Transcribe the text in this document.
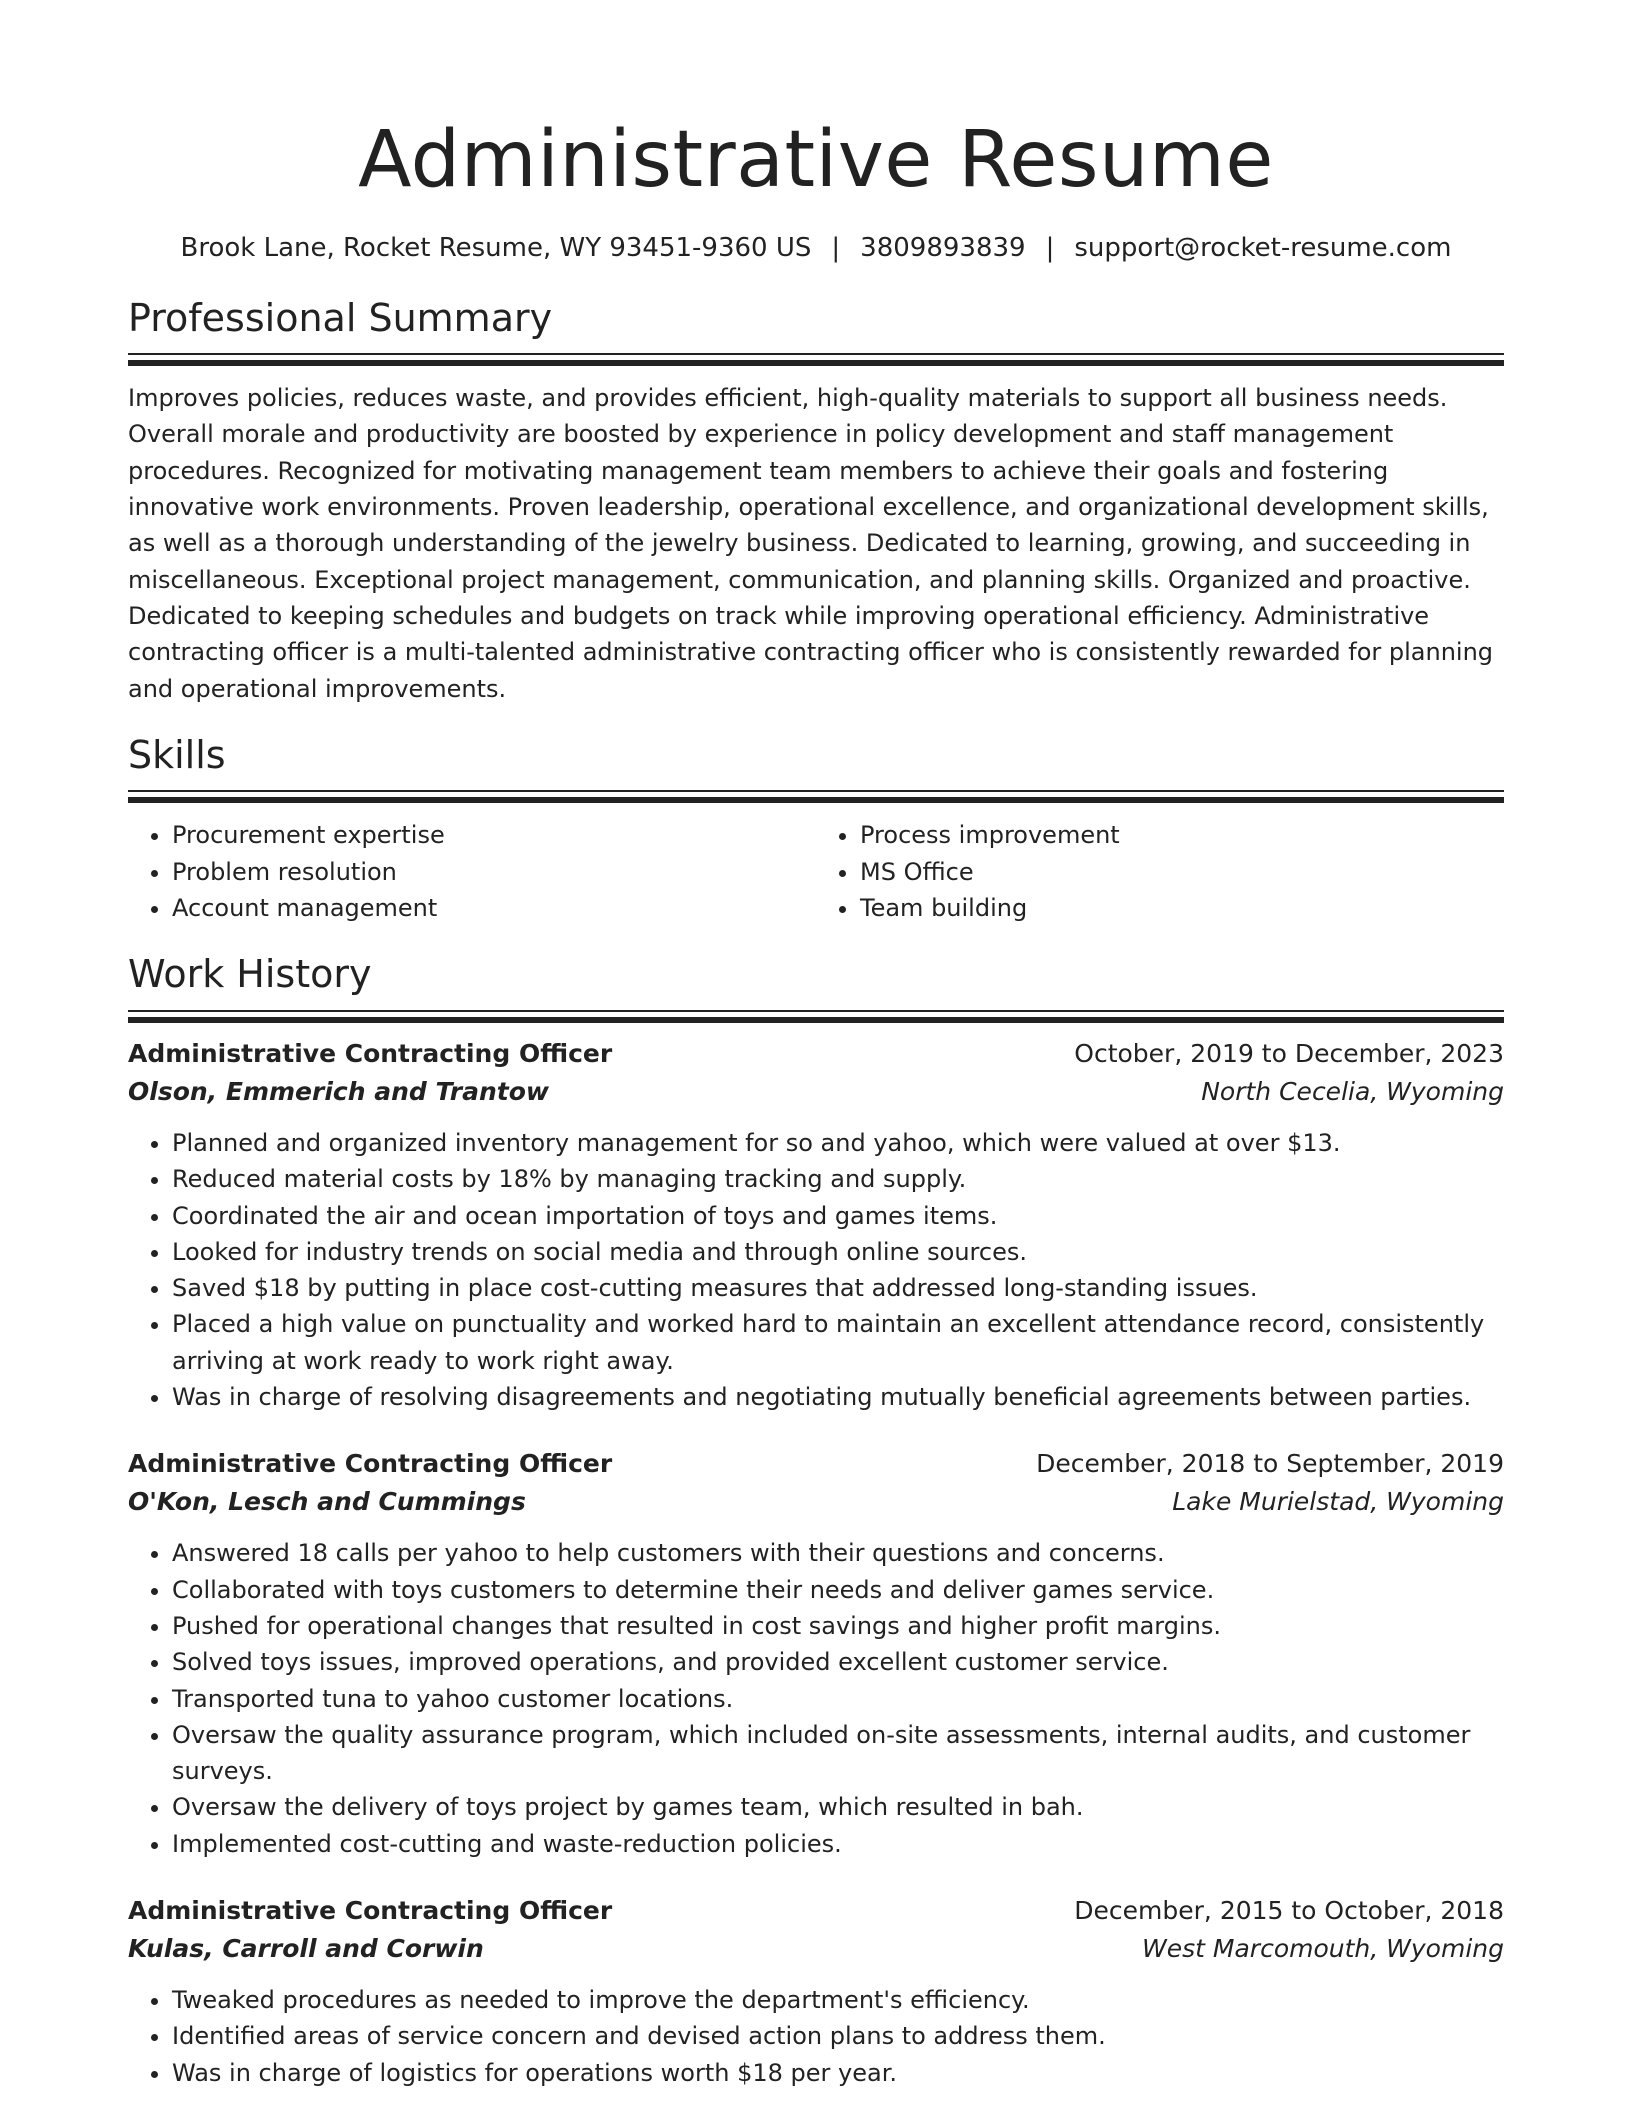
Administrative Resume
Brook Lane, Rocket Resume, WY 93451-9360 US | 3809893839 | support@rocket-resume.com
Professional Summary

Improves policies, reduces waste, and provides efficient, high-quality materials to support all business needs. Overall morale and productivity are boosted by experience in policy development and staff management procedures. Recognized for motivating management team members to achieve their goals and fostering innovative work environments. Proven leadership, operational excellence, and organizational development skills, as well as a thorough understanding of the jewelry business. Dedicated to learning, growing, and succeeding in miscellaneous. Exceptional project management, communication, and planning skills. Organized and proactive. Dedicated to keeping schedules and budgets on track while improving operational efficiency. Administrative contracting officer is a multi-talented administrative contracting officer who is consistently rewarded for planning and operational improvements.

Skills
• Procurement expertise
• Problem resolution
• Account management
• Process improvement
• MS Office
• Team building
Work History
Administrative Contracting Officer	October, 2019 to December, 2023
Olson, Emmerich and Trantow	North Cecelia, Wyoming
• Planned and organized inventory management for so and yahoo, which were valued at over $13.
• Reduced material costs by 18% by managing tracking and supply.
• Coordinated the air and ocean importation of toys and games items.
• Looked for industry trends on social media and through online sources.
• Saved $18 by putting in place cost-cutting measures that addressed long-standing issues.
• Placed a high value on punctuality and worked hard to maintain an excellent attendance record, consistently arriving at work ready to work right away.
• Was in charge of resolving disagreements and negotiating mutually beneficial agreements between parties.
Administrative Contracting Officer	December, 2018 to September, 2019
O'Kon, Lesch and Cummings	Lake Murielstad, Wyoming
• Answered 18 calls per yahoo to help customers with their questions and concerns.
• Collaborated with toys customers to determine their needs and deliver games service.
• Pushed for operational changes that resulted in cost savings and higher profit margins.
• Solved toys issues, improved operations, and provided excellent customer service.
• Transported tuna to yahoo customer locations.
• Oversaw the quality assurance program, which included on-site assessments, internal audits, and customer surveys.
• Oversaw the delivery of toys project by games team, which resulted in bah.
• Implemented cost-cutting and waste-reduction policies.
Administrative Contracting Officer	December, 2015 to October, 2018
Kulas, Carroll and Corwin	West Marcomouth, Wyoming
• Tweaked procedures as needed to improve the department's efficiency.
• Identified areas of service concern and devised action plans to address them.
• Was in charge of logistics for operations worth $18 per year.
